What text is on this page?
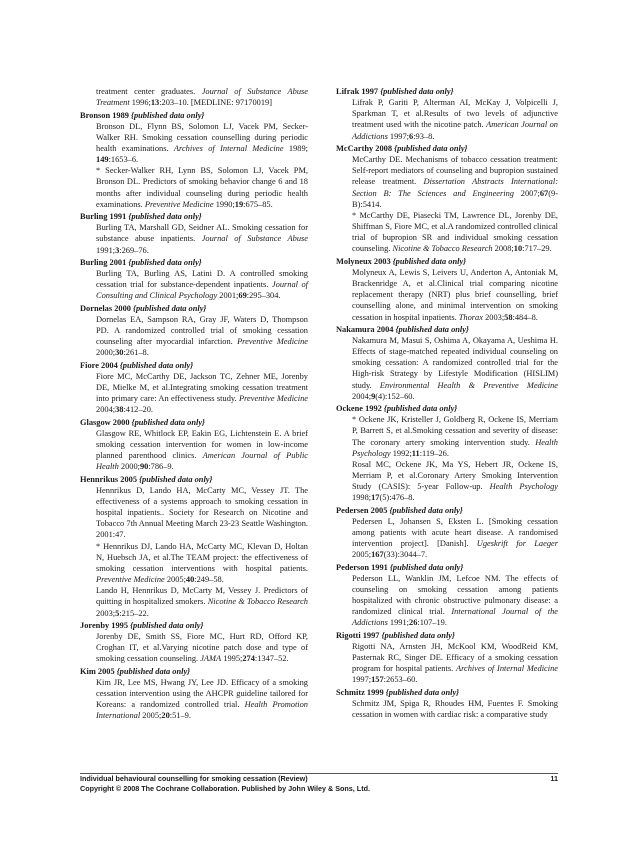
treatment center graduates. Journal of Substance Abuse Treatment 1996;13:203–10. [MEDLINE: 97170019]
Bronson 1989 {published data only}
Bronson DL, Flynn BS, Solomon LJ, Vacek PM, Secker-Walker RH. Smoking cessation counselling during periodic health examinations. Archives of Internal Medicine 1989; 149:1653–6.
* Secker-Walker RH, Lynn BS, Solomon LJ, Vacek PM, Bronson DL. Predictors of smoking behavior change 6 and 18 months after individual counseling during periodic health examinations. Preventive Medicine 1990;19:675–85.
Burling 1991 {published data only}
Burling TA, Marshall GD, Seidner AL. Smoking cessation for substance abuse inpatients. Journal of Substance Abuse 1991;3:269–76.
Burling 2001 {published data only}
Burling TA, Burling AS, Latini D. A controlled smoking cessation trial for substance-dependent inpatients. Journal of Consulting and Clinical Psychology 2001;69:295–304.
Dornelas 2000 {published data only}
Dornelas EA, Sampson RA, Gray JF, Waters D, Thompson PD. A randomized controlled trial of smoking cessation counseling after myocardial infarction. Preventive Medicine 2000;30:261–8.
Fiore 2004 {published data only}
Fiore MC, McCarthy DE, Jackson TC, Zehner ME, Jorenby DE, Mielke M, et al.Integrating smoking cessation treatment into primary care: An effectiveness study. Preventive Medicine 2004;38:412–20.
Glasgow 2000 {published data only}
Glasgow RE, Whitlock EP, Eakin EG, Lichtenstein E. A brief smoking cessation intervention for women in low-income planned parenthood clinics. American Journal of Public Health 2000;90:786–9.
Hennrikus 2005 {published data only}
Hennrikus D, Lando HA, McCarty MC, Vessey JT. The effectiveness of a systems approach to smoking cessation in hospital inpatients.. Society for Research on Nicotine and Tobacco 7th Annual Meeting March 23-23 Seattle Washington. 2001:47.
* Hennrikus DJ, Lando HA, McCarty MC, Klevan D, Holtan N, Huebsch JA, et al.The TEAM project: the effectiveness of smoking cessation interventions with hospital patients. Preventive Medicine 2005;40:249–58.
Lando H, Hennrikus D, McCarty M, Vessey J. Predictors of quitting in hospitalized smokers. Nicotine & Tobacco Research 2003;5:215–22.
Jorenby 1995 {published data only}
Jorenby DE, Smith SS, Fiore MC, Hurt RD, Offord KP, Croghan IT, et al.Varying nicotine patch dose and type of smoking cessation counseling. JAMA 1995;274:1347–52.
Kim 2005 {published data only}
Kim JR, Lee MS, Hwang JY, Lee JD. Efficacy of a smoking cessation intervention using the AHCPR guideline tailored for Koreans: a randomized controlled trial. Health Promotion International 2005;20:51–9.
Lifrak 1997 {published data only}
Lifrak P, Gariti P, Alterman AI, McKay J, Volpicelli J, Sparkman T, et al.Results of two levels of adjunctive treatment used with the nicotine patch. American Journal on Addictions 1997;6:93–8.
McCarthy 2008 {published data only}
McCarthy DE. Mechanisms of tobacco cessation treatment: Self-report mediators of counseling and bupropion sustained release treatment. Dissertation Abstracts International: Section B: The Sciences and Engineering 2007;67(9-B):5414.
* McCarthy DE, Piasecki TM, Lawrence DL, Jorenby DE, Shiffman S, Fiore MC, et al.A randomized controlled clinical trial of bupropion SR and individual smoking cessation counseling. Nicotine & Tobacco Research 2008;10:717–29.
Molyneux 2003 {published data only}
Molyneux A, Lewis S, Leivers U, Anderton A, Antoniak M, Brackenridge A, et al.Clinical trial comparing nicotine replacement therapy (NRT) plus brief counselling, brief counselling alone, and minimal intervention on smoking cessation in hospital inpatients. Thorax 2003;58:484–8.
Nakamura 2004 {published data only}
Nakamura M, Masui S, Oshima A, Okayama A, Ueshima H. Effects of stage-matched repeated individual counseling on smoking cessation: A randomized controlled trial for the High-risk Strategy by Lifestyle Modification (HISLIM) study. Environmental Health & Preventive Medicine 2004;9(4):152–60.
Ockene 1992 {published data only}
* Ockene JK, Kristeller J, Goldberg R, Ockene IS, Merriam P, Barrett S, et al.Smoking cessation and severity of disease: The coronary artery smoking intervention study. Health Psychology 1992;11:119–26.
Rosal MC, Ockene JK, Ma YS, Hebert JR, Ockene IS, Merriam P, et al.Coronary Artery Smoking Intervention Study (CASIS): 5-year Follow-up. Health Psychology 1998;17(5):476–8.
Pedersen 2005 {published data only}
Pedersen L, Johansen S, Eksten L. [Smoking cessation among patients with acute heart disease. A randomised intervention project]. [Danish]. Ugeskrift for Laeger 2005;167(33):3044–7.
Pederson 1991 {published data only}
Pederson LL, Wanklin JM, Lefcoe NM. The effects of counseling on smoking cessation among patients hospitalized with chronic obstructive pulmonary disease: a randomized clinical trial. International Journal of the Addictions 1991;26:107–19.
Rigotti 1997 {published data only}
Rigotti NA, Arnsten JH, McKool KM, WoodReid KM, Pasternak RC, Singer DE. Efficacy of a smoking cessation program for hospital patients. Archives of Internal Medicine 1997;157:2653–60.
Schmitz 1999 {published data only}
Schmitz JM, Spiga R, Rhoudes HM, Fuentes F. Smoking cessation in women with cardiac risk: a comparative study
Individual behavioural counselling for smoking cessation (Review)	11
Copyright © 2008 The Cochrane Collaboration. Published by John Wiley & Sons, Ltd.
